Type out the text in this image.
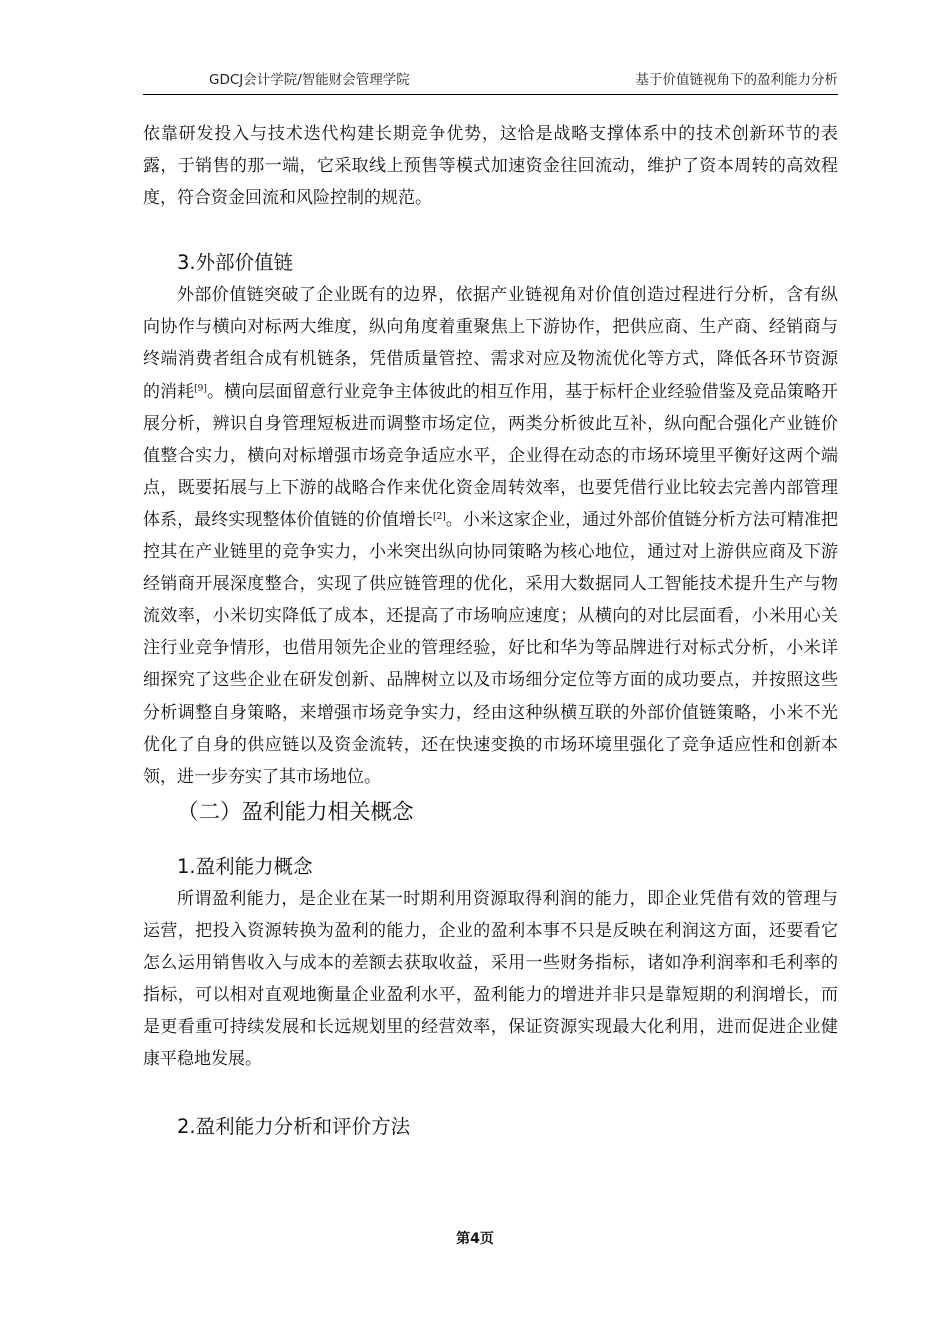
GDCJ会计学院/智能财会管理学院	基于价值链视角下的盈利能力分析

依靠研发投入与技术迭代构建长期竞争优势，这恰是战略支撑体系中的技术创新环节的表露，于销售的那一端，它采取线上预售等模式加速资金往回流动，维护了资本周转的高效程度，符合资金回流和风险控制的规范。

3.外部价值链

外部价值链突破了企业既有的边界，依据产业链视角对价值创造过程进行分析，含有纵向协作与横向对标两大维度，纵向角度着重聚焦上下游协作，把供应商、生产商、经销商与终端消费者组合成有机链条，凭借质量管控、需求对应及物流优化等方式，降低各环节资源的消耗[9]。横向层面留意行业竞争主体彼此的相互作用，基于标杆企业经验借鉴及竞品策略开展分析，辨识自身管理短板进而调整市场定位，两类分析彼此互补，纵向配合强化产业链价值整合实力，横向对标增强市场竞争适应水平，企业得在动态的市场环境里平衡好这两个端点，既要拓展与上下游的战略合作来优化资金周转效率，也要凭借行业比较去完善内部管理体系，最终实现整体价值链的价值增长[2]。小米这家企业，通过外部价值链分析方法可精准把控其在产业链里的竞争实力，小米突出纵向协同策略为核心地位，通过对上游供应商及下游经销商开展深度整合，实现了供应链管理的优化，采用大数据同人工智能技术提升生产与物流效率，小米切实降低了成本，还提高了市场响应速度；从横向的对比层面看，小米用心关注行业竞争情形，也借用领先企业的管理经验，好比和华为等品牌进行对标式分析，小米详细探究了这些企业在研发创新、品牌树立以及市场细分定位等方面的成功要点，并按照这些分析调整自身策略，来增强市场竞争实力，经由这种纵横互联的外部价值链策略，小米不光优化了自身的供应链以及资金流转，还在快速变换的市场环境里强化了竞争适应性和创新本领，进一步夯实了其市场地位。

（二）盈利能力相关概念
1.盈利能力概念

所谓盈利能力，是企业在某一时期利用资源取得利润的能力，即企业凭借有效的管理与运营，把投入资源转换为盈利的能力，企业的盈利本事不只是反映在利润这方面，还要看它怎么运用销售收入与成本的差额去获取收益，采用一些财务指标，诸如净利润率和毛利率的指标，可以相对直观地衡量企业盈利水平，盈利能力的增进并非只是靠短期的利润增长，而是更看重可持续发展和长远规划里的经营效率，保证资源实现最大化利用，进而促进企业健康平稳地发展。

2.盈利能力分析和评价方法
第4页
